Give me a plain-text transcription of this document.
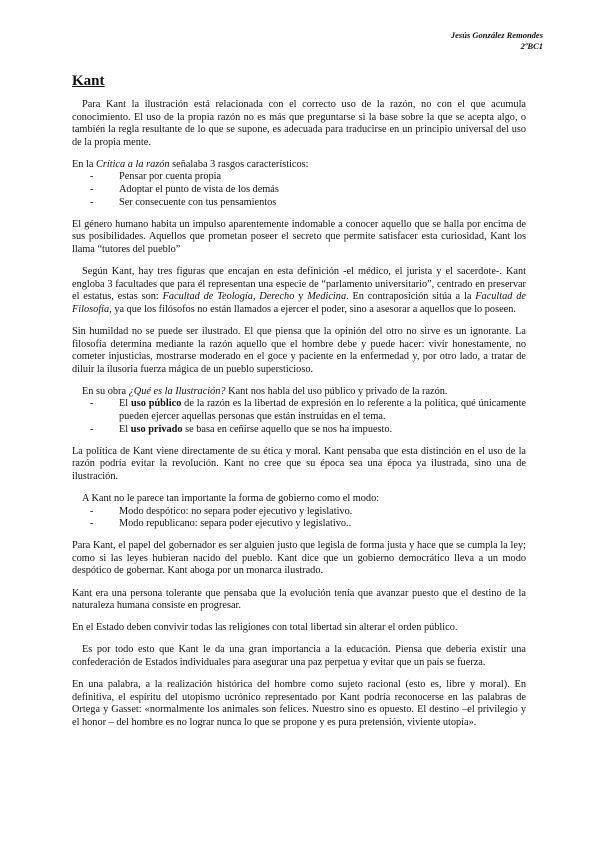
Jesús González Remondes
2ºBC1
Kant

Para Kant la ilustración está relacionada con el correcto uso de la razón, no con el que acumula conocimiento. El uso de la propia razón no es más que preguntarse si la base sobre la que se acepta algo, o también la regla resultante de lo que se supone, es adecuada para traducirse en un principio universal del uso de la propia mente.

En la Crítica a la razón señalaba 3 rasgos característicos:

- Pensar por cuenta propia
- Adoptar el punto de vista de los demás
- Ser consecuente con tus pensamientos

El género humano habita un impulso aparentemente indomable a conocer aquello que se halla por encima de sus posibilidades. Aquellos que prometan poseer el secreto que permite satisfacer esta curiosidad, Kant los llama “tutores del pueblo”

Según Kant, hay tres figuras que encajan en esta definición -el médico, el jurista y el sacerdote-. Kant engloba 3 facultades que para él representan una especie de “parlamento universitario”, centrado en preservar el estatus, estas son: Facultad de Teología, Derecho y Medicina. En contraposición sitúa a la Facultad de Filosofía, ya que los filósofos no están llamados a ejercer el poder, sino a asesorar a aquellos que lo poseen.

Sin humildad no se puede ser ilustrado. El que piensa que la opinión del otro no sirve es un ignorante. La filosofía determina mediante la razón aquello que el hombre debe y puede hacer: vivir honestamente, no cometer injusticias, mostrarse moderado en el goce y paciente en la enfermedad y, por otro lado, a tratar de diluir la ilusoria fuerza mágica de un pueblo supersticioso.

En su obra ¿Qué es la Ilustración? Kant nos habla del uso público y privado de la razón.

- El uso público de la razón es la libertad de expresión en lo referente a la política, qué únicamente pueden ejercer aquellas personas que están instruidas en el tema.
- El uso privado se basa en ceñirse aquello que se nos ha impuesto.

La política de Kant viene directamente de su ética y moral. Kant pensaba que esta distinción en el uso de la razón podría evitar la revolución. Kant no cree que su época sea una época ya ilustrada, sino una de ilustración.

A Kant no le parece tan importante la forma de gobierno como el modo:

- Modo despótico: no separa poder ejecutivo y legislativo.
- Modo republicano: separa poder ejecutivo y legislativo..

Para Kant, el papel del gobernador es ser alguien justo que legisla de forma justa y hace que se cumpla la ley; como si las leyes hubieran nacido del pueblo. Kant dice que un gobierno democrático lleva a un modo despótico de gobernar. Kant aboga por un monarca ilustrado.

Kant era una persona tolerante que pensaba que la evolución tenía que avanzar puesto que el destino de la naturaleza humana consiste en progresar.

En el Estado deben convivir todas las religiones con total libertad sin alterar el orden público.

Es por todo esto que Kant le da una gran importancia a la educación. Piensa que debería existir una confederación de Estados individuales para asegurar una paz perpetua y evitar que un país se fuerza.

En una palabra, a la realización histórica del hombre como sujeto racional (esto es, libre y moral). En definitiva, el espíritu del utopismo ucrónico representado por Kant podría reconocerse en las palabras de Ortega y Gasset: «normalmente los animales son felices. Nuestro sino es opuesto. El destino –el privilegio y el honor – del hombre es no lograr nunca lo que se propone y es pura pretensión, viviente utopía».
